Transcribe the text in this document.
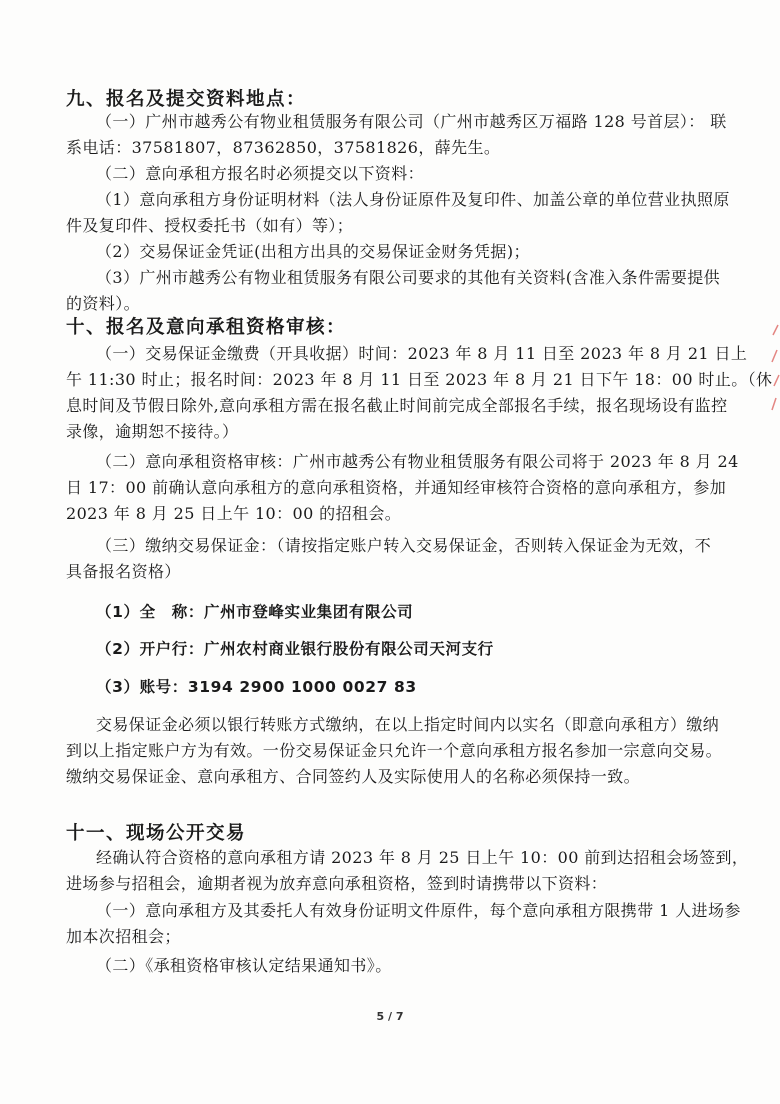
九、报名及提交资料地点：
（一）广州市越秀公有物业租赁服务有限公司（广州市越秀区万福路 128 号首层）： 联
系电话：37581807，87362850，37581826，薛先生。
（二）意向承租方报名时必须提交以下资料：
（1）意向承租方身份证明材料（法人身份证原件及复印件、加盖公章的单位营业执照原
件及复印件、授权委托书（如有）等）；
（2）交易保证金凭证(出租方出具的交易保证金财务凭据)；
（3）广州市越秀公有物业租赁服务有限公司要求的其他有关资料(含准入条件需要提供
的资料）。
十、报名及意向承租资格审核：
（一）交易保证金缴费（开具收据）时间：2023 年 8 月 11 日至 2023 年 8 月 21 日上
午 11:30 时止；报名时间：2023 年 8 月 11 日至 2023 年 8 月 21 日下午 18：00 时止。（休
息时间及节假日除外,意向承租方需在报名截止时间前完成全部报名手续，报名现场设有监控
录像，逾期恕不接待。）
（二）意向承租资格审核：广州市越秀公有物业租赁服务有限公司将于 2023 年 8 月 24
日 17：00 前确认意向承租方的意向承租资格，并通知经审核符合资格的意向承租方，参加
2023 年 8 月 25 日上午 10：00 的招租会。
（三）缴纳交易保证金：（请按指定账户转入交易保证金，否则转入保证金为无效，不
具备报名资格）
（1）全　称：广州市登峰实业集团有限公司
（2）开户行：广州农村商业银行股份有限公司天河支行
（3）账号：3194 2900 1000 0027 83
交易保证金必须以银行转账方式缴纳，在以上指定时间内以实名（即意向承租方）缴纳
到以上指定账户方为有效。一份交易保证金只允许一个意向承租方报名参加一宗意向交易。
缴纳交易保证金、意向承租方、合同签约人及实际使用人的名称必须保持一致。
十一、现场公开交易
经确认符合资格的意向承租方请 2023 年 8 月 25 日上午 10：00 前到达招租会场签到，
进场参与招租会，逾期者视为放弃意向承租资格，签到时请携带以下资料：
（一）意向承租方及其委托人有效身份证明文件原件，每个意向承租方限携带 1 人进场参
加本次招租会；
（二）《承租资格审核认定结果通知书》。
5 / 7
